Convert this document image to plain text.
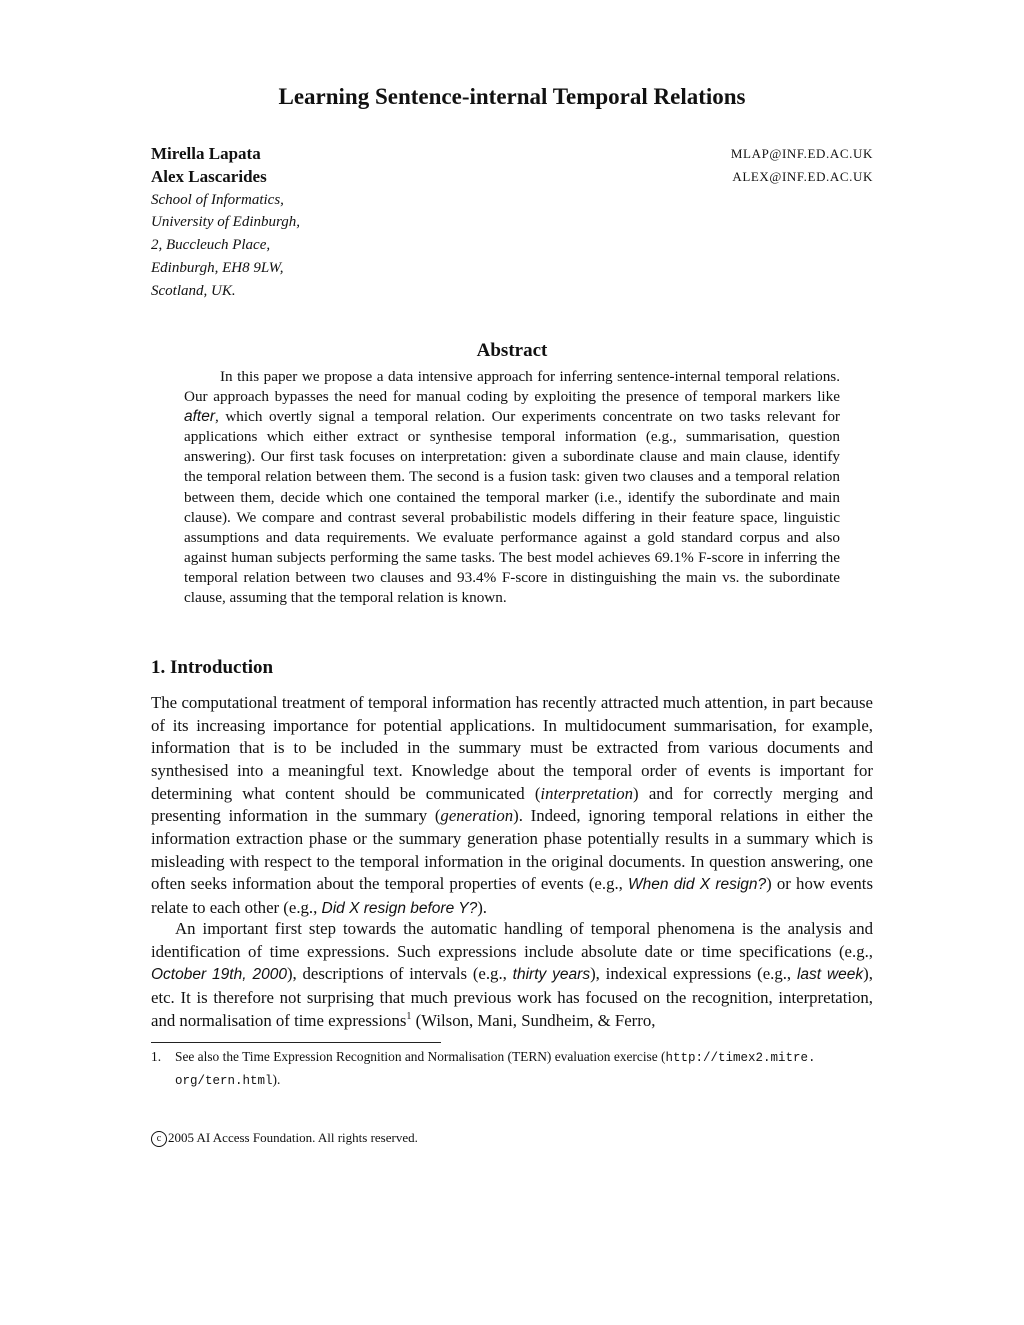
Learning Sentence-internal Temporal Relations
Mirella Lapata	MLAP@INF.ED.AC.UK
Alex Lascarides	ALEX@INF.ED.AC.UK
School of Informatics,
University of Edinburgh,
2, Buccleuch Place,
Edinburgh, EH8 9LW,
Scotland, UK.
Abstract
In this paper we propose a data intensive approach for inferring sentence-internal temporal relations. Our approach bypasses the need for manual coding by exploiting the presence of temporal markers like after, which overtly signal a temporal relation. Our experiments concentrate on two tasks relevant for applications which either extract or synthesise temporal information (e.g., summarisation, question answering). Our first task focuses on interpretation: given a subordinate clause and main clause, identify the temporal relation between them. The second is a fusion task: given two clauses and a temporal relation between them, decide which one contained the temporal marker (i.e., identify the subordinate and main clause). We compare and contrast several probabilistic models differing in their feature space, linguistic assumptions and data requirements. We evaluate performance against a gold standard corpus and also against human subjects performing the same tasks. The best model achieves 69.1% F-score in inferring the temporal relation between two clauses and 93.4% F-score in distinguishing the main vs. the subordinate clause, assuming that the temporal relation is known.
1. Introduction
The computational treatment of temporal information has recently attracted much attention, in part because of its increasing importance for potential applications. In multidocument summarisation, for example, information that is to be included in the summary must be extracted from various documents and synthesised into a meaningful text. Knowledge about the temporal order of events is important for determining what content should be communicated (interpretation) and for correctly merging and presenting information in the summary (generation). Indeed, ignoring temporal relations in either the information extraction phase or the summary generation phase potentially results in a summary which is misleading with respect to the temporal information in the original documents. In question answering, one often seeks information about the temporal properties of events (e.g., When did X resign?) or how events relate to each other (e.g., Did X resign before Y?).
An important first step towards the automatic handling of temporal phenomena is the analysis and identification of time expressions. Such expressions include absolute date or time specifications (e.g., October 19th, 2000), descriptions of intervals (e.g., thirty years), indexical expressions (e.g., last week), etc. It is therefore not surprising that much previous work has focused on the recognition, interpretation, and normalisation of time expressions$^1$ (Wilson, Mani, Sundheim, & Ferro,
1. See also the Time Expression Recognition and Normalisation (TERN) evaluation exercise (http://timex2.mitre.
org/tern.html).
c 2005 AI Access Foundation. All rights reserved.
